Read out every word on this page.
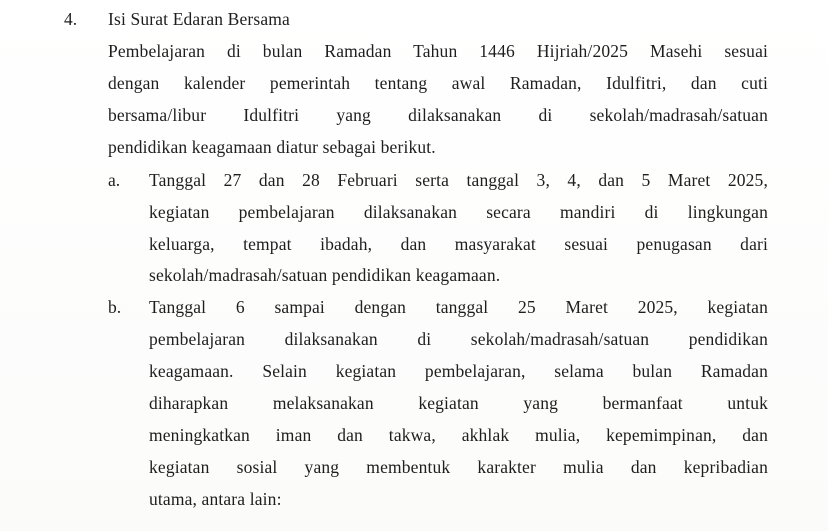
4. Isi Surat Edaran Bersama
Pembelajaran di bulan Ramadan Tahun 1446 Hijriah/2025 Masehi sesuai
dengan kalender pemerintah tentang awal Ramadan, Idulfitri, dan cuti
bersama/libur Idulfitri yang dilaksanakan di sekolah/madrasah/satuan
pendidikan keagamaan diatur sebagai berikut.
a. Tanggal 27 dan 28 Februari serta tanggal 3, 4, dan 5 Maret 2025,
kegiatan pembelajaran dilaksanakan secara mandiri di lingkungan
keluarga, tempat ibadah, dan masyarakat sesuai penugasan dari
sekolah/madrasah/satuan pendidikan keagamaan.
b. Tanggal 6 sampai dengan tanggal 25 Maret 2025, kegiatan
pembelajaran dilaksanakan di sekolah/madrasah/satuan pendidikan
keagamaan. Selain kegiatan pembelajaran, selama bulan Ramadan
diharapkan melaksanakan kegiatan yang bermanfaat untuk
meningkatkan iman dan takwa, akhlak mulia, kepemimpinan, dan
kegiatan sosial yang membentuk karakter mulia dan kepribadian
utama, antara lain:
